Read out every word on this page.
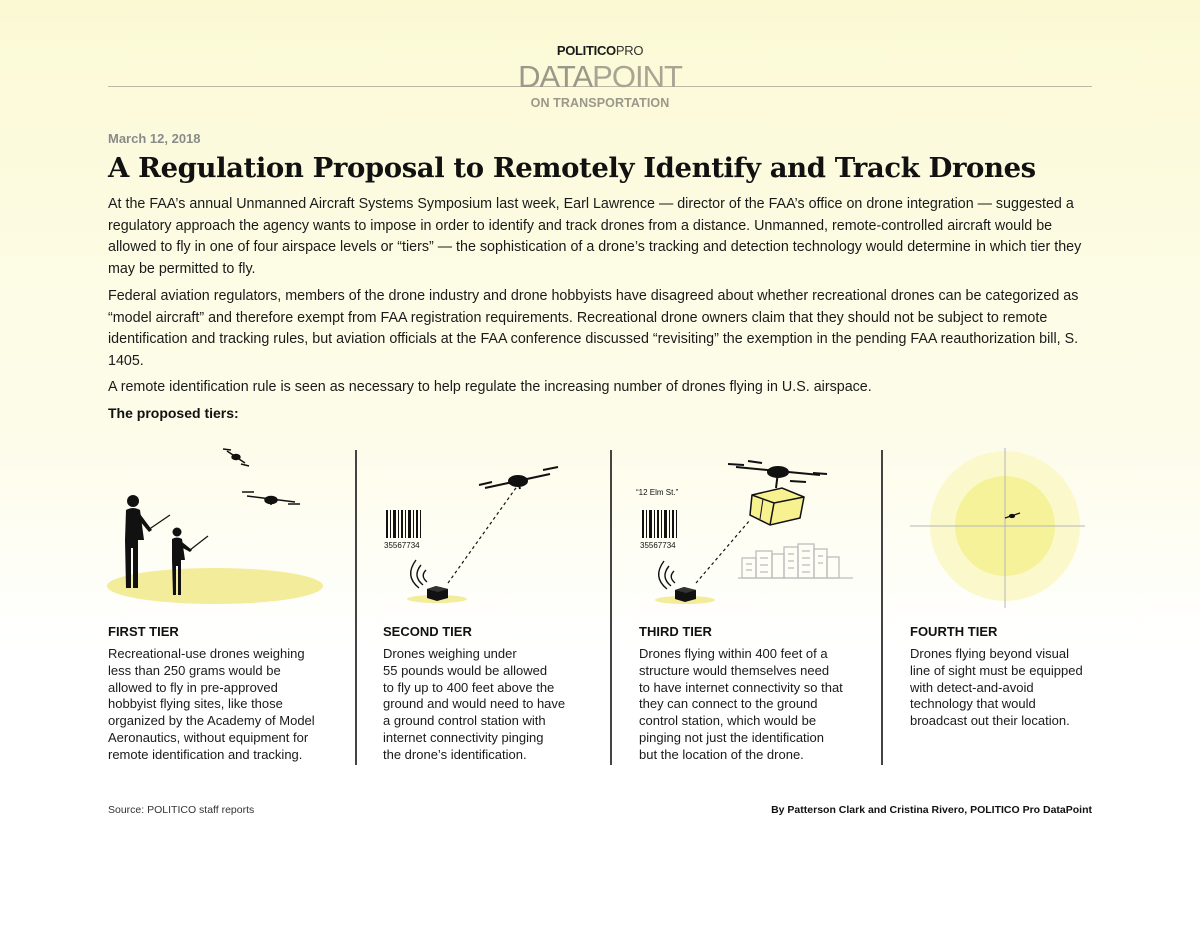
POLITICOPRO
DATAPOINT
ON TRANSPORTATION
March 12, 2018
A Regulation Proposal to Remotely Identify and Track Drones
At the FAA’s annual Unmanned Aircraft Systems Symposium last week, Earl Lawrence — director of the FAA’s office on drone integration — suggested a regulatory approach the agency wants to impose in order to identify and track drones from a distance. Unmanned, remote-controlled aircraft would be allowed to fly in one of four airspace levels or “tiers” — the sophistication of a drone’s tracking and detection technology would determine in which tier they may be permitted to fly.
Federal aviation regulators, members of the drone industry and drone hobbyists have disagreed about whether recreational drones can be categorized as “model aircraft” and therefore exempt from FAA registration requirements. Recreational drone owners claim that they should not be subject to remote identification and tracking rules, but aviation officials at the FAA conference discussed “revisiting” the exemption in the pending FAA reauthorization bill, S. 1405.
A remote identification rule is seen as necessary to help regulate the increasing number of drones flying in U.S. airspace.
The proposed tiers:
35567734
“12 Elm St.”
35567734
FIRST TIER
Recreational-use drones weighing
less than 250 grams would be
allowed to fly in pre-approved
hobbyist flying sites, like those
organized by the Academy of Model
Aeronautics, without equipment for
remote identification and tracking.
SECOND TIER
Drones weighing under
55 pounds would be allowed
to fly up to 400 feet above the
ground and would need to have
a ground control station with
internet connectivity pinging
the drone’s identification.
THIRD TIER
Drones flying within 400 feet of a
structure would themselves need
to have internet connectivity so that
they can connect to the ground
control station, which would be
pinging not just the identification
but the location of the drone.
FOURTH TIER
Drones flying beyond visual
line of sight must be equipped
with detect-and-avoid
technology that would
broadcast out their location.
Source: POLITICO staff reports	By Patterson Clark and Cristina Rivero, POLITICO Pro DataPoint
